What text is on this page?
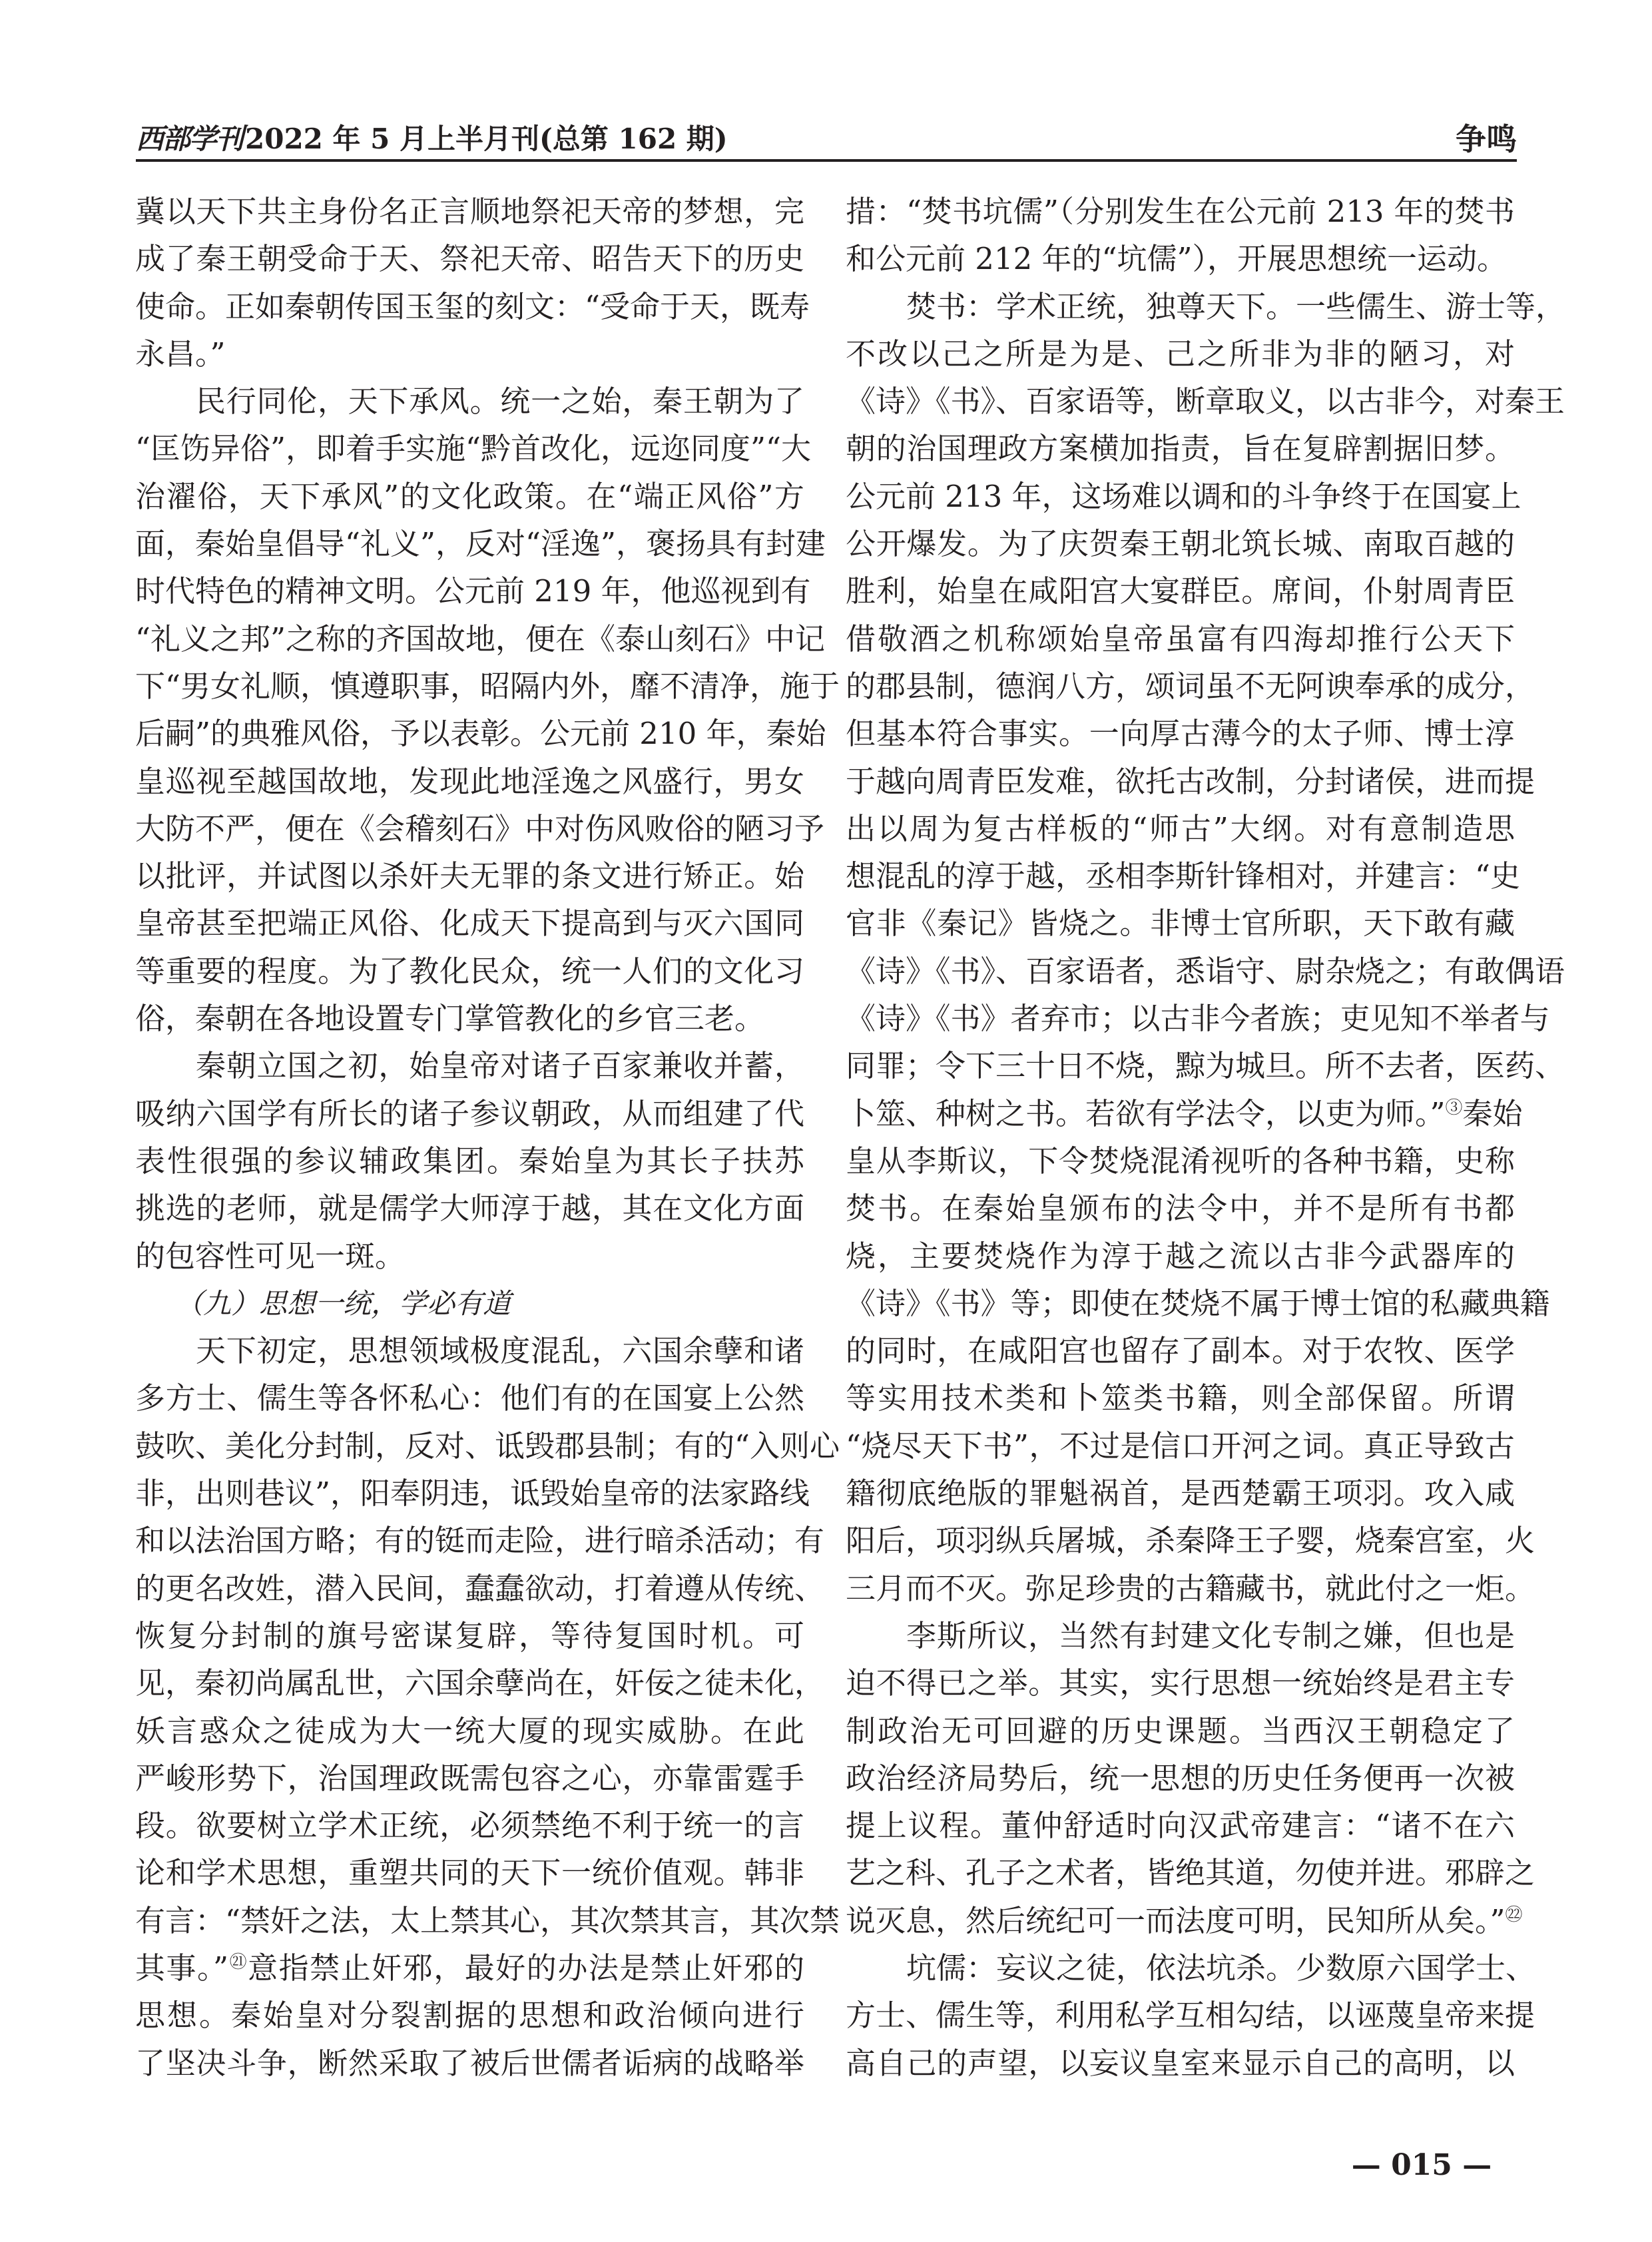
西部学刊 2022 年 5 月上半月刊(总第 162 期)	争鸣
冀以天下共主身份名正言顺地祭祀天帝的梦想，完
成了秦王朝受命于天、祭祀天帝、昭告天下的历史
使命。正如秦朝传国玉玺的刻文：“受命于天，既寿
永昌。”
民行同伦，天下承风。统一之始，秦王朝为了
“匡饬异俗”，即着手实施“黔首改化，远迩同度”“大
治濯俗，天下承风”的文化政策。在“端正风俗”方
面，秦始皇倡导“礼义”，反对“淫逸”，褒扬具有封建
时代特色的精神文明。公元前 219 年，他巡视到有
“礼义之邦”之称的齐国故地，便在《泰山刻石》中记
下“男女礼顺，慎遵职事，昭隔内外，靡不清净，施于
后嗣”的典雅风俗，予以表彰。公元前 210 年，秦始
皇巡视至越国故地，发现此地淫逸之风盛行，男女
大防不严，便在《会稽刻石》中对伤风败俗的陋习予
以批评，并试图以杀奸夫无罪的条文进行矫正。始
皇帝甚至把端正风俗、化成天下提高到与灭六国同
等重要的程度。为了教化民众，统一人们的文化习
俗，秦朝在各地设置专门掌管教化的乡官三老。
秦朝立国之初，始皇帝对诸子百家兼收并蓄，
吸纳六国学有所长的诸子参议朝政，从而组建了代
表性很强的参议辅政集团。秦始皇为其长子扶苏
挑选的老师，就是儒学大师淳于越，其在文化方面
的包容性可见一斑。
（九）思想一统，学必有道
天下初定，思想领域极度混乱，六国余孽和诸
多方士、儒生等各怀私心：他们有的在国宴上公然
鼓吹、美化分封制，反对、诋毁郡县制；有的“入则心
非，出则巷议”，阳奉阴违，诋毁始皇帝的法家路线
和以法治国方略；有的铤而走险，进行暗杀活动；有
的更名改姓，潜入民间，蠢蠢欲动，打着遵从传统、
恢复分封制的旗号密谋复辟，等待复国时机。可
见，秦初尚属乱世，六国余孽尚在，奸佞之徒未化，
妖言惑众之徒成为大一统大厦的现实威胁。在此
严峻形势下，治国理政既需包容之心，亦靠雷霆手
段。欲要树立学术正统，必须禁绝不利于统一的言
论和学术思想，重塑共同的天下一统价值观。韩非
有言：“禁奸之法，太上禁其心，其次禁其言，其次禁
其事。”$^㉑$意指禁止奸邪，最好的办法是禁止奸邪的
思想。秦始皇对分裂割据的思想和政治倾向进行
了坚决斗争，断然采取了被后世儒者诟病的战略举
措：“焚书坑儒”（分别发生在公元前 213 年的焚书
和公元前 212 年的“坑儒”），开展思想统一运动。
焚书：学术正统，独尊天下。一些儒生、游士等，
不改以己之所是为是、己之所非为非的陋习，对
《诗》《书》、百家语等，断章取义，以古非今，对秦王
朝的治国理政方案横加指责，旨在复辟割据旧梦。
公元前 213 年，这场难以调和的斗争终于在国宴上
公开爆发。为了庆贺秦王朝北筑长城、南取百越的
胜利，始皇在咸阳宫大宴群臣。席间，仆射周青臣
借敬酒之机称颂始皇帝虽富有四海却推行公天下
的郡县制，德润八方，颂词虽不无阿谀奉承的成分，
但基本符合事实。一向厚古薄今的太子师、博士淳
于越向周青臣发难，欲托古改制，分封诸侯，进而提
出以周为复古样板的“师古”大纲。对有意制造思
想混乱的淳于越，丞相李斯针锋相对，并建言：“史
官非《秦记》皆烧之。非博士官所职，天下敢有藏
《诗》《书》、百家语者，悉诣守、尉杂烧之；有敢偶语
《诗》《书》者弃市；以古非今者族；吏见知不举者与
同罪；令下三十日不烧，黥为城旦。所不去者，医药、
卜筮、种树之书。若欲有学法令，以吏为师。”③秦始
皇从李斯议，下令焚烧混淆视听的各种书籍，史称
焚书。在秦始皇颁布的法令中，并不是所有书都
烧，主要焚烧作为淳于越之流以古非今武器库的
《诗》《书》等；即使在焚烧不属于博士馆的私藏典籍
的同时，在咸阳宫也留存了副本。对于农牧、医学
等实用技术类和卜筮类书籍，则全部保留。所谓
“烧尽天下书”，不过是信口开河之词。真正导致古
籍彻底绝版的罪魁祸首，是西楚霸王项羽。攻入咸
阳后，项羽纵兵屠城，杀秦降王子婴，烧秦宫室，火
三月而不灭。弥足珍贵的古籍藏书，就此付之一炬。
李斯所议，当然有封建文化专制之嫌，但也是
迫不得已之举。其实，实行思想一统始终是君主专
制政治无可回避的历史课题。当西汉王朝稳定了
政治经济局势后，统一思想的历史任务便再一次被
提上议程。董仲舒适时向汉武帝建言：“诸不在六
艺之科、孔子之术者，皆绝其道，勿使并进。邪辟之
说灭息，然后统纪可一而法度可明，民知所从矣。”$^㉒$
坑儒：妄议之徒，依法坑杀。少数原六国学士、
方士、儒生等，利用私学互相勾结，以诬蔑皇帝来提
高自己的声望，以妄议皇室来显示自己的高明，以
— 015 —
